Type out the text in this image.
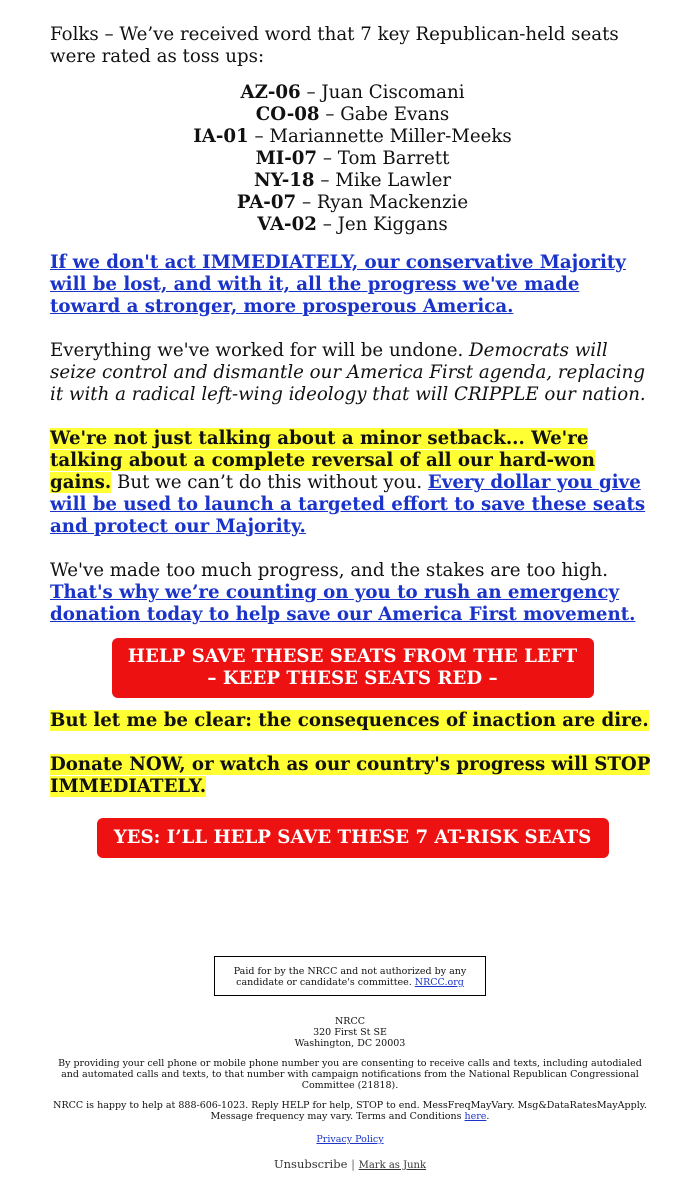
Folks – We’ve received word that 7 key Republican-held seats were rated as toss ups:

AZ-06 – Juan Ciscomani
CO-08 – Gabe Evans
IA-01 – Mariannette Miller-Meeks
MI-07 – Tom Barrett
NY-18 – Mike Lawler
PA-07 – Ryan Mackenzie
VA-02 – Jen Kiggans

If we don't act IMMEDIATELY, our conservative Majority will be lost, and with it, all the progress we've made toward a stronger, more prosperous America.

Everything we've worked for will be undone. Democrats will seize control and dismantle our America First agenda, replacing it with a radical left-wing ideology that will CRIPPLE our nation.

We're not just talking about a minor setback... We're talking about a complete reversal of all our hard-won gains. But we can’t do this without you. Every dollar you give will be used to launch a targeted effort to save these seats and protect our Majority.

We've made too much progress, and the stakes are too high. That's why we’re counting on you to rush an emergency donation today to help save our America First movement.

HELP SAVE THESE SEATS FROM THE LEFT
– KEEP THESE SEATS RED –

But let me be clear: the consequences of inaction are dire.

Donate NOW, or watch as our country's progress will STOP IMMEDIATELY.

YES: I’LL HELP SAVE THESE 7 AT-RISK SEATS
Paid for by the NRCC and not authorized by any candidate or candidate's committee. NRCC.org
NRCC
320 First St SE
Washington, DC 20003
By providing your cell phone or mobile phone number you are consenting to receive calls and texts, including autodialed and automated calls and texts, to that number with campaign notifications from the National Republican Congressional Committee (21818).
NRCC is happy to help at 888-606-1023. Reply HELP for help, STOP to end. MessFreqMayVary. Msg&DataRatesMayApply. Message frequency may vary. Terms and Conditions here.
Privacy Policy
Unsubscribe | Mark as Junk
